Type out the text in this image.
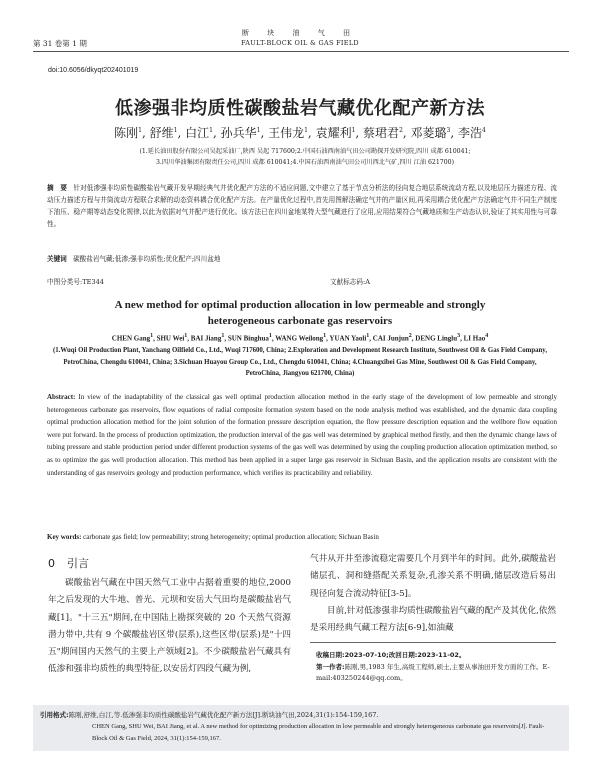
第 31 卷第 1 期
断 块 油 气 田
FAULT-BLOCK OIL & GAS FIELD
doi:10.6056/dkyqt202401019
低渗强非均质性碳酸盐岩气藏优化配产新方法
陈刚$^1$, 舒维$^1$, 白江$^1$, 孙兵华$^1$, 王伟龙$^1$, 袁耀利$^1$, 蔡珺君$^2$, 邓菱璐$^3$, 李浩$^4$
(1.延长油田股份有限公司吴起采油厂,陕西 吴起 717600;2.中国石油西南油气田公司勘探开发研究院,四川 成都 610041;
3.四川华油集团有限责任公司,四川 成都 610041;4.中国石油西南油气田公司川西北气矿,四川 江油 621700)
摘　要 针对低渗强非均质性碳酸盐岩气藏开发早期经典气井优化配产方法的不适应问题,文中建立了基于节点分析法的径向复合地层系统流动方程,以及地层压力描述方程、流动压力描述方程与井筒流动方程联合求解的动态资料耦合优化配产方法。在产量优化过程中,首先用图解法确定气井的产量区间,再采用耦合优化配产方法确定气井不同生产制度下油压、稳产期等动态变化规律,以此为依据对气井配产进行优化。该方法已在四川盆地某特大型气藏进行了应用,应用结果符合气藏地质和生产动态认识,验证了其实用性与可靠性。
关键词 碳酸盐岩气藏;低渗;强非均质性;优化配产;四川盆地
中图分类号:TE344	文献标志码:A
A new method for optimal production allocation in low permeable and strongly
heterogeneous carbonate gas reservoirs
CHEN Gang$^1$, SHU Wei$^1$, BAI Jiang$^1$, SUN Binghua$^1$, WANG Weilong$^1$, YUAN Yaoli$^1$, CAI Junjun$^2$, DENG Linglu$^3$, LI Hao$^4$
(1.Wuqi Oil Production Plant, Yanchang Oilfield Co., Ltd., Wuqi 717600, China; 2.Exploration and Development Research Institute, Southwest Oil & Gas Field Company, PetroChina, Chengdu 610041, China; 3.Sichuan Huayou Group Co., Ltd., Chengdu 610041, China; 4.Chuangxibei Gas Mine, Southwest Oil & Gas Field Company, PetroChina, Jiangyou 621700, China)
Abstract: In view of the inadaptability of the classical gas well optimal production allocation method in the early stage of the development of low permeable and strongly heterogeneous carbonate gas reservoirs, flow equations of radial composite formation system based on the node analysis method was established, and the dynamic data coupling optimal production allocation method for the joint solution of the formation pressure description equation, the flow pressure description equation and the wellbore flow equation were put forward. In the process of production optimization, the production interval of the gas well was determined by graphical method firstly, and then the dynamic change laws of tubing pressure and stable production period under different production systems of the gas well was determined by using the coupling production allocation optimization method, so as to optimize the gas well production allocation. This method has been applied in a super large gas reservoir in Sichuan Basin, and the application results are consistent with the understanding of gas reservoirs geology and production performance, which verifies its practicability and reliability.
Key words: carbonate gas field; low permeability; strong heterogeneity; optimal production allocation; Sichuan Basin
0 引言
碳酸盐岩气藏在中国天然气工业中占据着重要的地位,2000 年之后发现的大牛地、普光、元坝和安岳大气田均是碳酸盐岩气藏[1]。"十三五"期间,在中国陆上勘探突破的 20 个天然气资源潜力带中,共有 9 个碳酸盐岩区带(层系),这些区带(层系)是"十四五"期间国内天然气的主要上产领域[2]。不少碳酸盐岩气藏具有低渗和强非均质性的典型特征,以安岳灯四段气藏为例,
气井从开井至渗流稳定需要几个月到半年的时间。此外,碳酸盐岩储层孔、洞和缝搭配关系复杂,孔渗关系不明确,储层改造后易出现径向复合流动特征[3-5]。
目前,针对低渗强非均质性碳酸盐岩气藏的配产及其优化,依然是采用经典气藏工程方法[6-9],如油藏
收稿日期:2023-07-10;改回日期:2023-11-02。
第一作者:陈刚,男,1983 年生,高级工程师,硕士,主要从事油田开发方面的工作。E-mail:403250244@qq.com。
引用格式:陈刚,舒维,白江,等.低渗强非均质性碳酸盐岩气藏优化配产新方法[J].断块油气田,2024,31(1):154-159,167.
CHEN Gang, SHU Wei, BAI Jiang, et al. A new method for optimizing production allocation in low permeable and strongly heterogeneous carbonate gas reservoirs[J]. Fault-Block Oil & Gas Field, 2024, 31(1):154-159,167.
